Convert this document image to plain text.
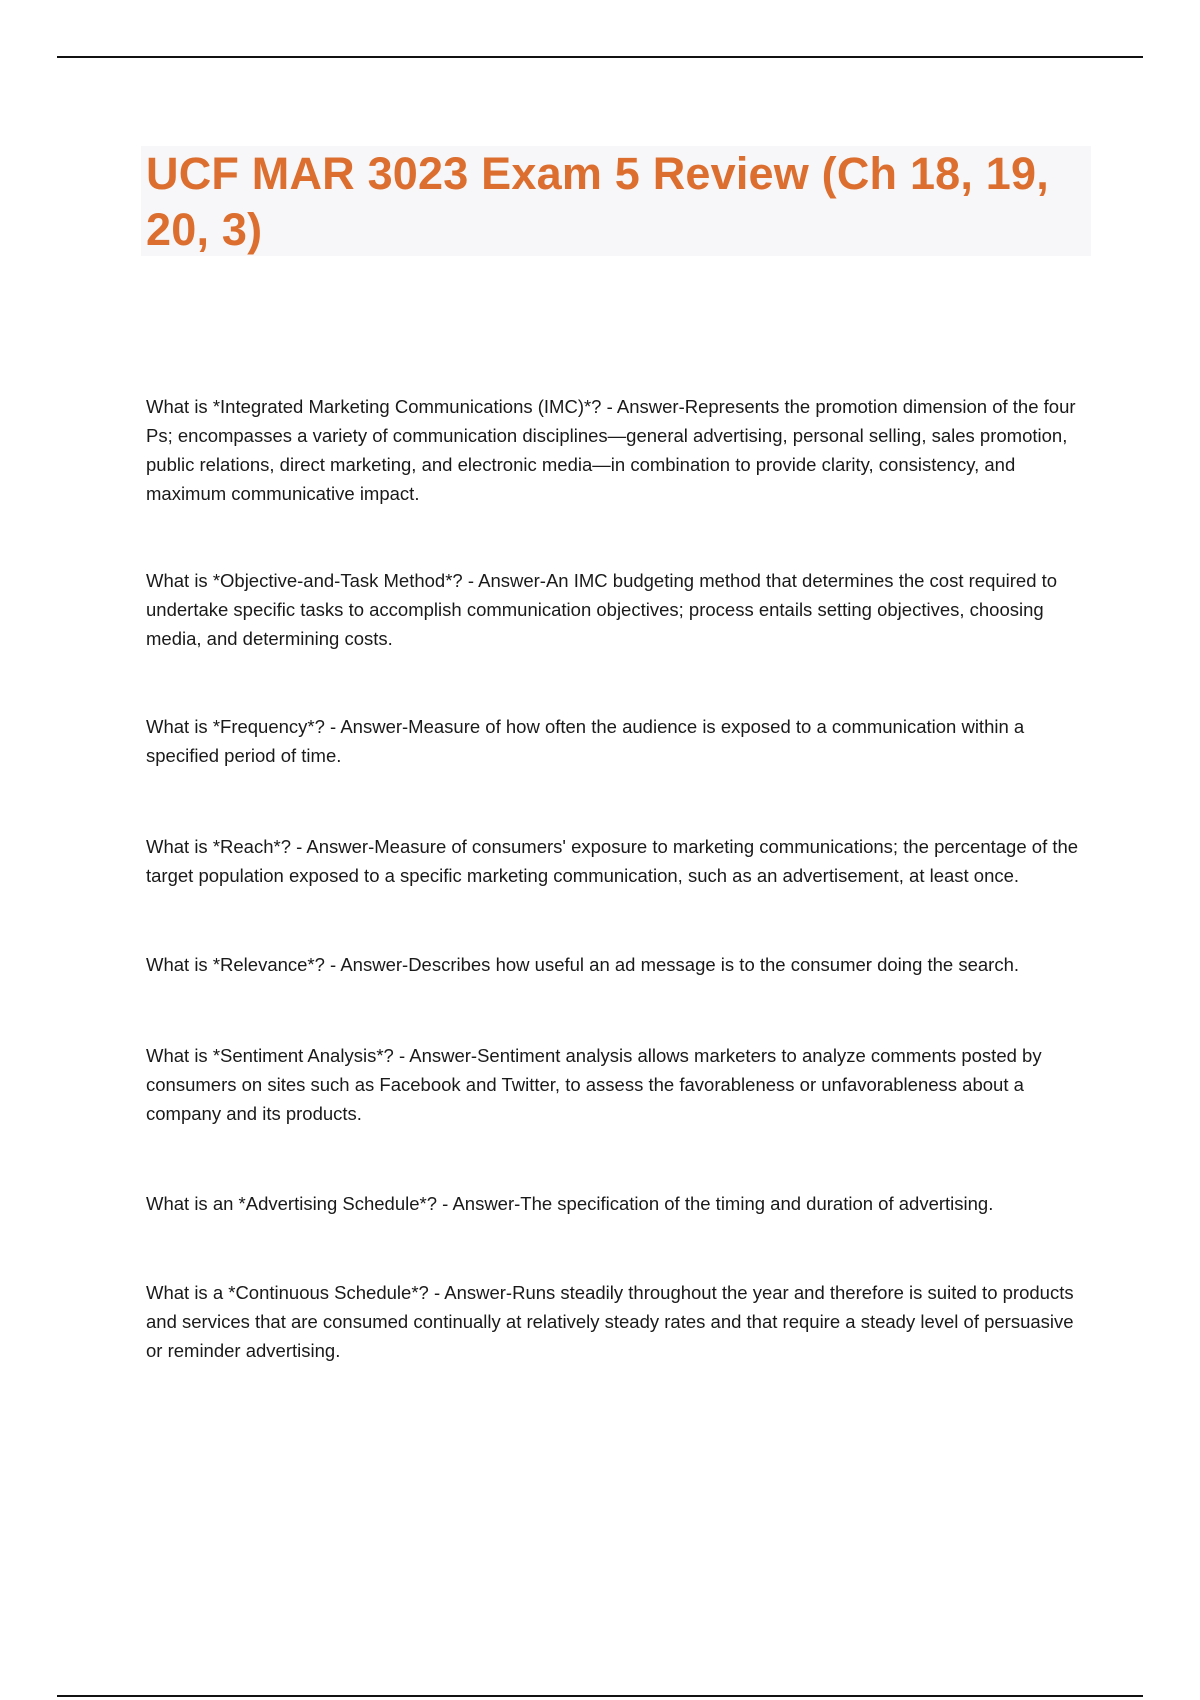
UCF MAR 3023 Exam 5 Review (Ch 18, 19, 20, 3)

What is *Integrated Marketing Communications (IMC)*? - Answer-Represents the promotion dimension of the four Ps; encompasses a variety of communication disciplines—general advertising, personal selling, sales promotion, public relations, direct marketing, and electronic media—in combination to provide clarity, consistency, and maximum communicative impact.

What is *Objective-and-Task Method*? - Answer-An IMC budgeting method that determines the cost required to undertake specific tasks to accomplish communication objectives; process entails setting objectives, choosing media, and determining costs.

What is *Frequency*? - Answer-Measure of how often the audience is exposed to a communication within a specified period of time.

What is *Reach*? - Answer-Measure of consumers' exposure to marketing communications; the percentage of the target population exposed to a specific marketing communication, such as an advertisement, at least once.

What is *Relevance*? - Answer-Describes how useful an ad message is to the consumer doing the search.

What is *Sentiment Analysis*? - Answer-Sentiment analysis allows marketers to analyze comments posted by consumers on sites such as Facebook and Twitter, to assess the favorableness or unfavorableness about a company and its products.

What is an *Advertising Schedule*? - Answer-The specification of the timing and duration of advertising.

What is a *Continuous Schedule*? - Answer-Runs steadily throughout the year and therefore is suited to products and services that are consumed continually at relatively steady rates and that require a steady level of persuasive or reminder advertising.
